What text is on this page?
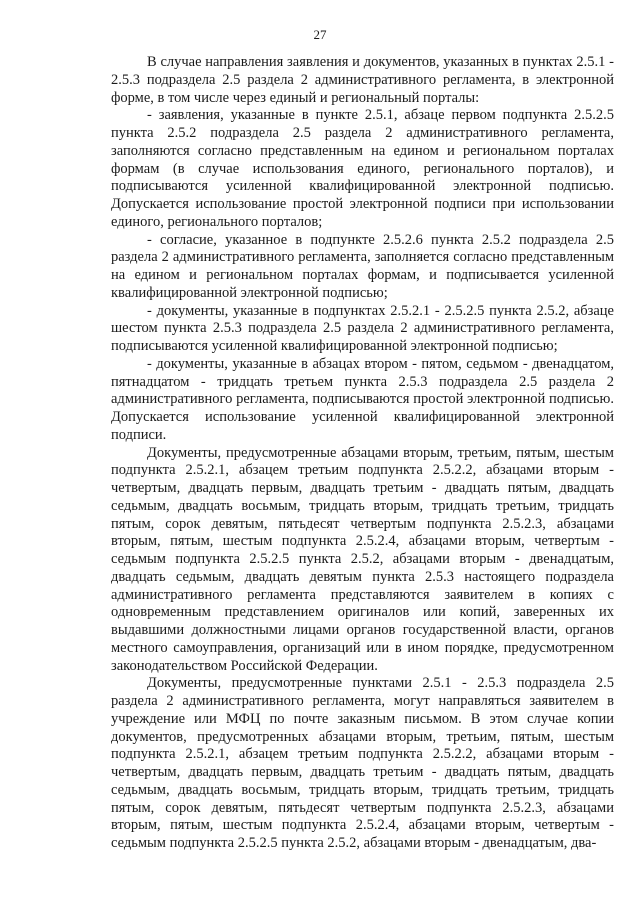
27

В случае направления заявления и документов, указанных в пунктах 2.5.1 - 2.5.3 подраздела 2.5 раздела 2 административного регламента, в электронной форме, в том числе через единый и региональный порталы:

- заявления, указанные в пункте 2.5.1, абзаце первом подпункта 2.5.2.5 пункта 2.5.2 подраздела 2.5 раздела 2 административного регламента, заполняются согласно представленным на едином и региональном порталах формам (в случае использования единого, регионального порталов), и подписываются усиленной квалифицированной электронной подписью. Допускается использование простой электронной подписи при использовании единого, регионального порталов;

- согласие, указанное в подпункте 2.5.2.6 пункта 2.5.2 подраздела 2.5 раздела 2 административного регламента, заполняется согласно представленным на едином и региональном порталах формам, и подписывается усиленной квалифицированной электронной подписью;

- документы, указанные в подпунктах 2.5.2.1 - 2.5.2.5 пункта 2.5.2, абзаце шестом пункта 2.5.3 подраздела 2.5 раздела 2 административного регламента, подписываются усиленной квалифицированной электронной подписью;

- документы, указанные в абзацах втором - пятом, седьмом - двенадцатом, пятнадцатом - тридцать третьем пункта 2.5.3 подраздела 2.5 раздела 2 административного регламента, подписываются простой электронной подписью. Допускается использование усиленной квалифицированной электронной подписи.

Документы, предусмотренные абзацами вторым, третьим, пятым, шестым подпункта 2.5.2.1, абзацем третьим подпункта 2.5.2.2, абзацами вторым - четвертым, двадцать первым, двадцать третьим - двадцать пятым, двадцать седьмым, двадцать восьмым, тридцать вторым, тридцать третьим, тридцать пятым, сорок девятым, пятьдесят четвертым подпункта 2.5.2.3, абзацами вторым, пятым, шестым подпункта 2.5.2.4, абзацами вторым, четвертым - седьмым подпункта 2.5.2.5 пункта 2.5.2, абзацами вторым - двенадцатым, двадцать седьмым, двадцать девятым пункта 2.5.3 настоящего подраздела административного регламента представляются заявителем в копиях с одновременным представлением оригиналов или копий, заверенных их выдавшими должностными лицами органов государственной власти, органов местного самоуправления, организаций или в ином порядке, предусмотренном законодательством Российской Федерации.

Документы, предусмотренные пунктами 2.5.1 - 2.5.3 подраздела 2.5 раздела 2 административного регламента, могут направляться заявителем в учреждение или МФЦ по почте заказным письмом. В этом случае копии документов, предусмотренных абзацами вторым, третьим, пятым, шестым подпункта 2.5.2.1, абзацем третьим подпункта 2.5.2.2, абзацами вторым - четвертым, двадцать первым, двадцать третьим - двадцать пятым, двадцать седьмым, двадцать восьмым, тридцать вторым, тридцать третьим, тридцать пятым, сорок девятым, пятьдесят четвертым подпункта 2.5.2.3, абзацами вторым, пятым, шестым подпункта 2.5.2.4, абзацами вторым, четвертым - седьмым подпункта 2.5.2.5 пункта 2.5.2, абзацами вторым - двенадцатым, два-
